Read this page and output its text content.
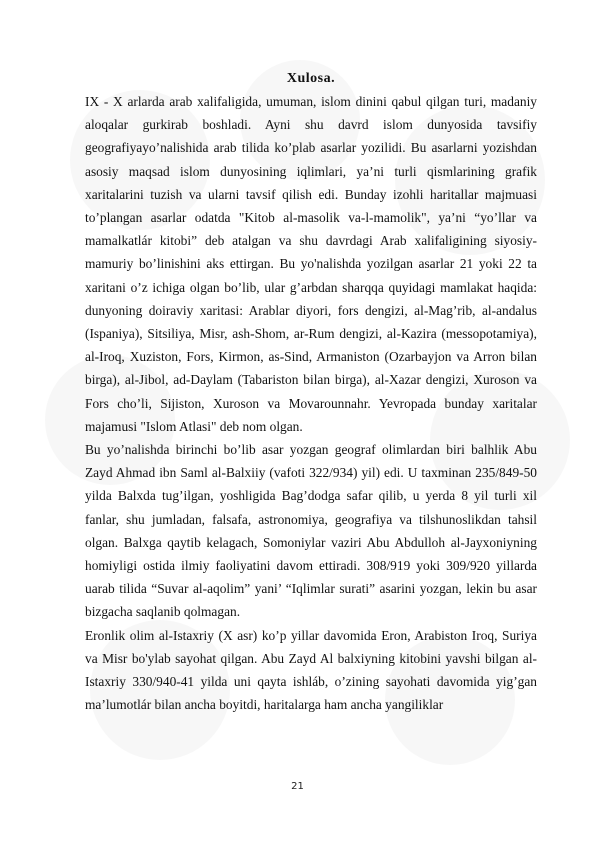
Xulosa.

IX - X arlarda arab xalifaligida, umuman, islom dinini qabul qilgan turi, madaniy aloqalar gurkirab boshladi. Ayni shu davrd islom dunyosida tavsifiy geografiyayo’nalishida arab tilida ko’plab asarlar yozilidi. Bu asarlarni yozishdan asosiy maqsad islom dunyosining iqlimlari, ya’ni turli qismlarining grafik xaritalarini tuzish va ularni tavsif qilish edi. Bunday izohli haritallar majmuasi to’plangan asarlar odatda "Kitob al-masolik va-l-mamolik", ya’ni “yo’llar va mamalkatlár kitobi” deb atalgan va shu davrdagi Arab xalifaligining siyosiy-mamuriy bo’linishini aks ettirgan. Bu yo'nalishda yozilgan asarlar 21 yoki 22 ta xaritani o’z ichiga olgan bo’lib, ular g’arbdan sharqqa quyidagi mamlakat haqida: dunyoning doiraviy xaritasi: Arablar diyori, fors dengizi, al-Mag’rib, al-andalus (Ispaniya), Sitsiliya, Misr, ash-Shom, ar-Rum dengizi, al-Kazira (messopotamiya), al-Iroq, Xuziston, Fors, Kirmon, as-Sind, Armaniston (Ozarbayjon va Arron bilan birga), al-Jibol, ad-Daylam (Tabariston bilan birga), al-Xazar dengizi, Xuroson va Fors cho’li, Sijiston, Xuroson va Movarounnahr. Yevropada bunday xaritalar majamusi "Islom Atlasi" deb nom olgan.

Bu yo’nalishda birinchi bo’lib asar yozgan geograf olimlardan biri balhlik Abu Zayd Ahmad ibn Saml al-Balxiiy (vafoti 322/934) yil) edi. U taxminan 235/849-50 yilda Balxda tug’ilgan, yoshligida Bag’dodga safar qilib, u yerda 8 yil turli xil fanlar, shu jumladan, falsafa, astronomiya, geografiya va tilshunoslikdan tahsil olgan. Balxga qaytib kelagach, Somoniylar vaziri Abu Abdulloh al-Jayxoniyning homiyligi ostida ilmiy faoliyatini davom ettiradi. 308/919 yoki 309/920 yillarda uarab tilida “Suvar al-aqolim” yani’ “Iqlimlar surati” asarini yozgan, lekin bu asar bizgacha saqlanib qolmagan.

Eronlik olim al-Istaxriy (X asr) ko’p yillar davomida Eron, Arabiston Iroq, Suriya va Misr bo'ylab sayohat qilgan. Abu Zayd Al balxiyning kitobini yavshi bilgan al-Istaxriy 330/940-41 yilda uni qayta ishláb, o’zining sayohati davomida yig’gan ma’lumotlár bilan ancha boyitdi, haritalarga ham ancha yangiliklar

21
